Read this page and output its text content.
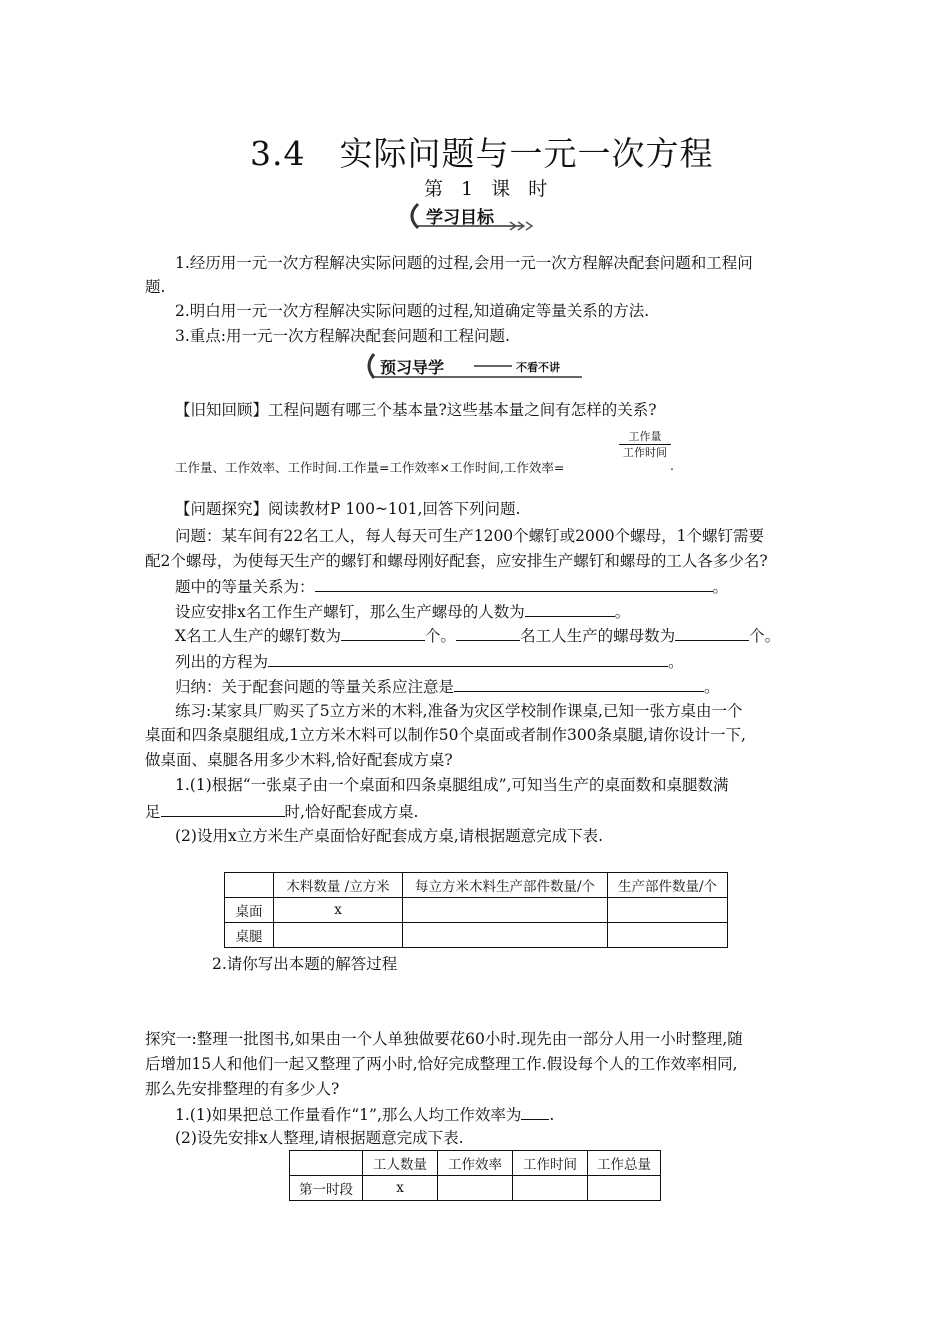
3.4　实际问题与一元一次方程
第 1 课 时
学习目标
1.经历用一元一次方程解决实际问题的过程,会用一元一次方程解决配套问题和工程问
题.
2.明白用一元一次方程解决实际问题的过程,知道确定等量关系的方法.
3.重点:用一元一次方程解决配套问题和工程问题.
预习导学	不看不讲
【旧知回顾】工程问题有哪三个基本量?这些基本量之间有怎样的关系?
工作量
工作时间
工作量、工作效率、工作时间.工作量=工作效率×工作时间,工作效率=	.
【问题探究】阅读教材P 100~101,回答下列问题.
问题：某车间有22名工人，每人每天可生产1200个螺钉或2000个螺母，1个螺钉需要
配2个螺母，为使每天生产的螺钉和螺母刚好配套，应安排生产螺钉和螺母的工人各多少名?
题中的等量关系为：	。
设应安排x名工作生产螺钉，那么生产螺母的人数为	。
X名工人生产的螺钉数为	个。	名工人生产的螺母数为	个。
列出的方程为	。
归纳：关于配套问题的等量关系应注意是	。
练习:某家具厂购买了5立方米的木料,准备为灾区学校制作课桌,已知一张方桌由一个
桌面和四条桌腿组成,1立方米木料可以制作50个桌面或者制作300条桌腿,请你设计一下,
做桌面、桌腿各用多少木料,恰好配套成方桌?
1.(1)根据“一张桌子由一个桌面和四条桌腿组成”,可知当生产的桌面数和桌腿数满
足	时,恰好配套成方桌.
(2)设用x立方米生产桌面恰好配套成方桌,请根据题意完成下表.
	木料数量 /立方米	每立方米木料生产部件数量/个	生产部件数量/个
桌面	x		
桌腿			
2.请你写出本题的解答过程
探究一:整理一批图书,如果由一个人单独做要花60小时.现先由一部分人用一小时整理,随
后增加15人和他们一起又整理了两小时,恰好完成整理工作.假设每个人的工作效率相同,
那么先安排整理的有多少人?
1.(1)如果把总工作量看作“1”,那么人均工作效率为 .
(2)设先安排x人整理,请根据题意完成下表.
	工人数量	工作效率	工作时间	工作总量
第一时段	x			
